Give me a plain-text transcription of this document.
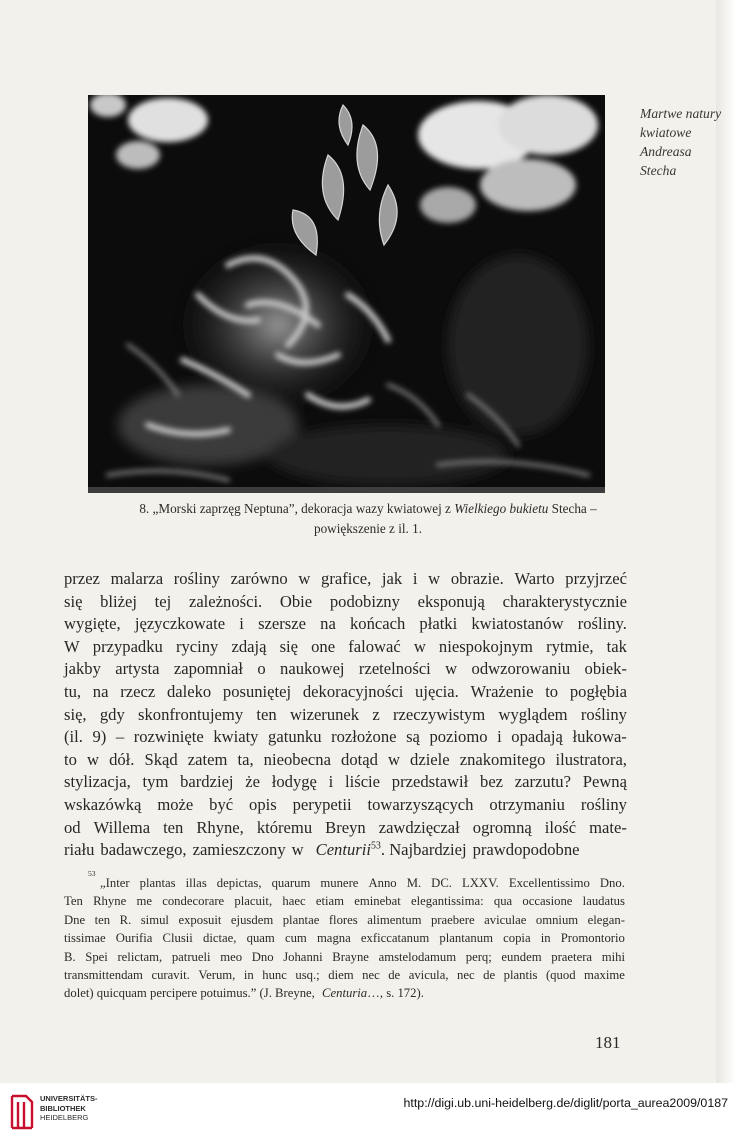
Martwe natury
kwiatowe
Andreasa
Stecha
8. „Morski zaprzęg Neptuna”, dekoracja wazy kwiatowej z Wielkiego bukietu Stecha –
powiększenie z il. 1.
przez malarza rośliny zarówno w grafice, jak i w obrazie. Warto przyjrzeć
się bliżej tej zależności. Obie podobizny eksponują charakterystycznie
wygięte, języczkowate i szersze na końcach płatki kwiatostanów rośliny.
W przypadku ryciny zdają się one falować w niespokojnym rytmie, tak
jakby artysta zapomniał o naukowej rzetelności w odwzorowaniu obiek-
tu, na rzecz daleko posuniętej dekoracyjności ujęcia. Wrażenie to pogłębia
się, gdy skonfrontujemy ten wizerunek z rzeczywistym wyglądem rośliny
(il. 9) – rozwinięte kwiaty gatunku rozłożone są poziomo i opadają łukowa-
to w dół. Skąd zatem ta, nieobecna dotąd w dziele znakomitego ilustratora,
stylizacja, tym bardziej że łodygę i liście przedstawił bez zarzutu? Pewną
wskazówką może być opis perypetii towarzyszących otrzymaniu rośliny
od Willema ten Rhyne, któremu Breyn zawdzięczał ogromną ilość mate-
riału badawczego, zamieszczony w Centurii$^{53}$ . Najbardziej prawdopodobne
53
„Inter plantas illas depictas, quarum munere Anno M. DC. LXXV. Excellentissimo Dno.
Ten Rhyne me condecorare placuit, haec etiam eminebat elegantissima: qua occasione laudatus
Dne ten R. simul exposuit ejusdem plantae flores alimentum praebere aviculae omnium elegan-
tissimae Ourifia Clusii dictae, quam cum magna exficcatanum plantanum copia in Promontorio
B. Spei relictam, patrueli meo Dno Johanni Brayne amstelodamum perq; eundem praetera mihi
transmittendam curavit. Verum, in hunc usq.; diem nec de avicula, nec de plantis (quod maxime
dolet) quicquam percipere potuimus.” (J. Breyne, Centuria…, s. 172).
181
UNIVERSITÄTS-
BIBLIOTHEK
HEIDELBERG
http://digi.ub.uni-heidelberg.de/diglit/porta_aurea2009/0187
